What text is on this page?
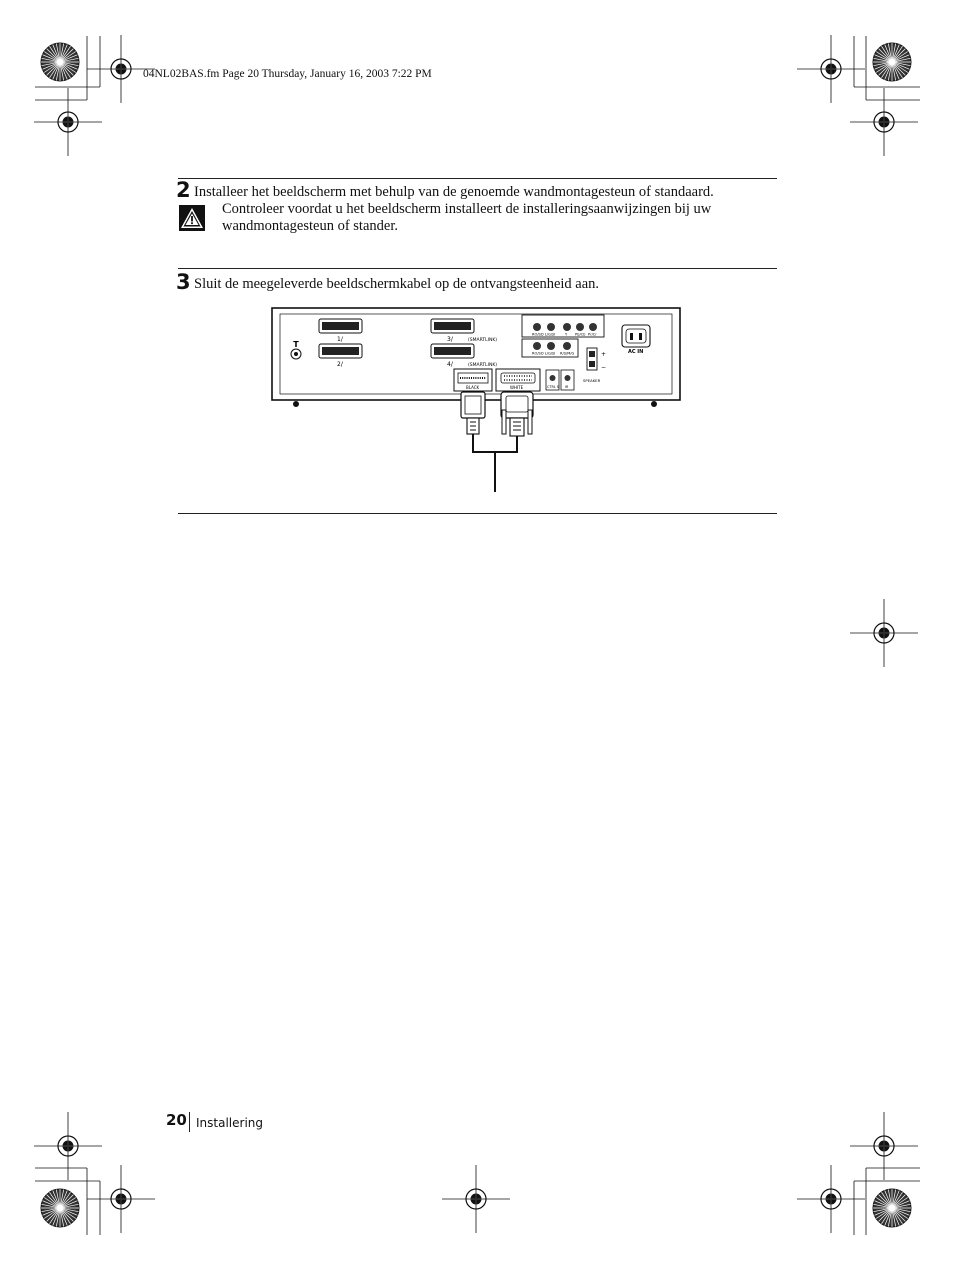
04NL02BAS.fm Page 20 Thursday, January 16, 2003 7:22 PM
2 Installeer het beeldscherm met behulp van de genoemde wandmontagesteun of standaard.
Controleer voordat u het beeldscherm installeert de installeringsaanwijzingen bij uw
wandmontagesteun of stander.
3 Sluit de meegeleverde beeldschermkabel op de ontvangsteenheid aan.
T
1/
2/
3/	(SMARTLINK)
4/	(SMARTLINK)
RO/SD L/G/SI	Y Pb/Cb Pr/Cr
RO/SD L/G/SI R/S/M/G	+
−
SPEAKER
CTRL S IR
AC IN
BLACK	WHITE
20 Installering
